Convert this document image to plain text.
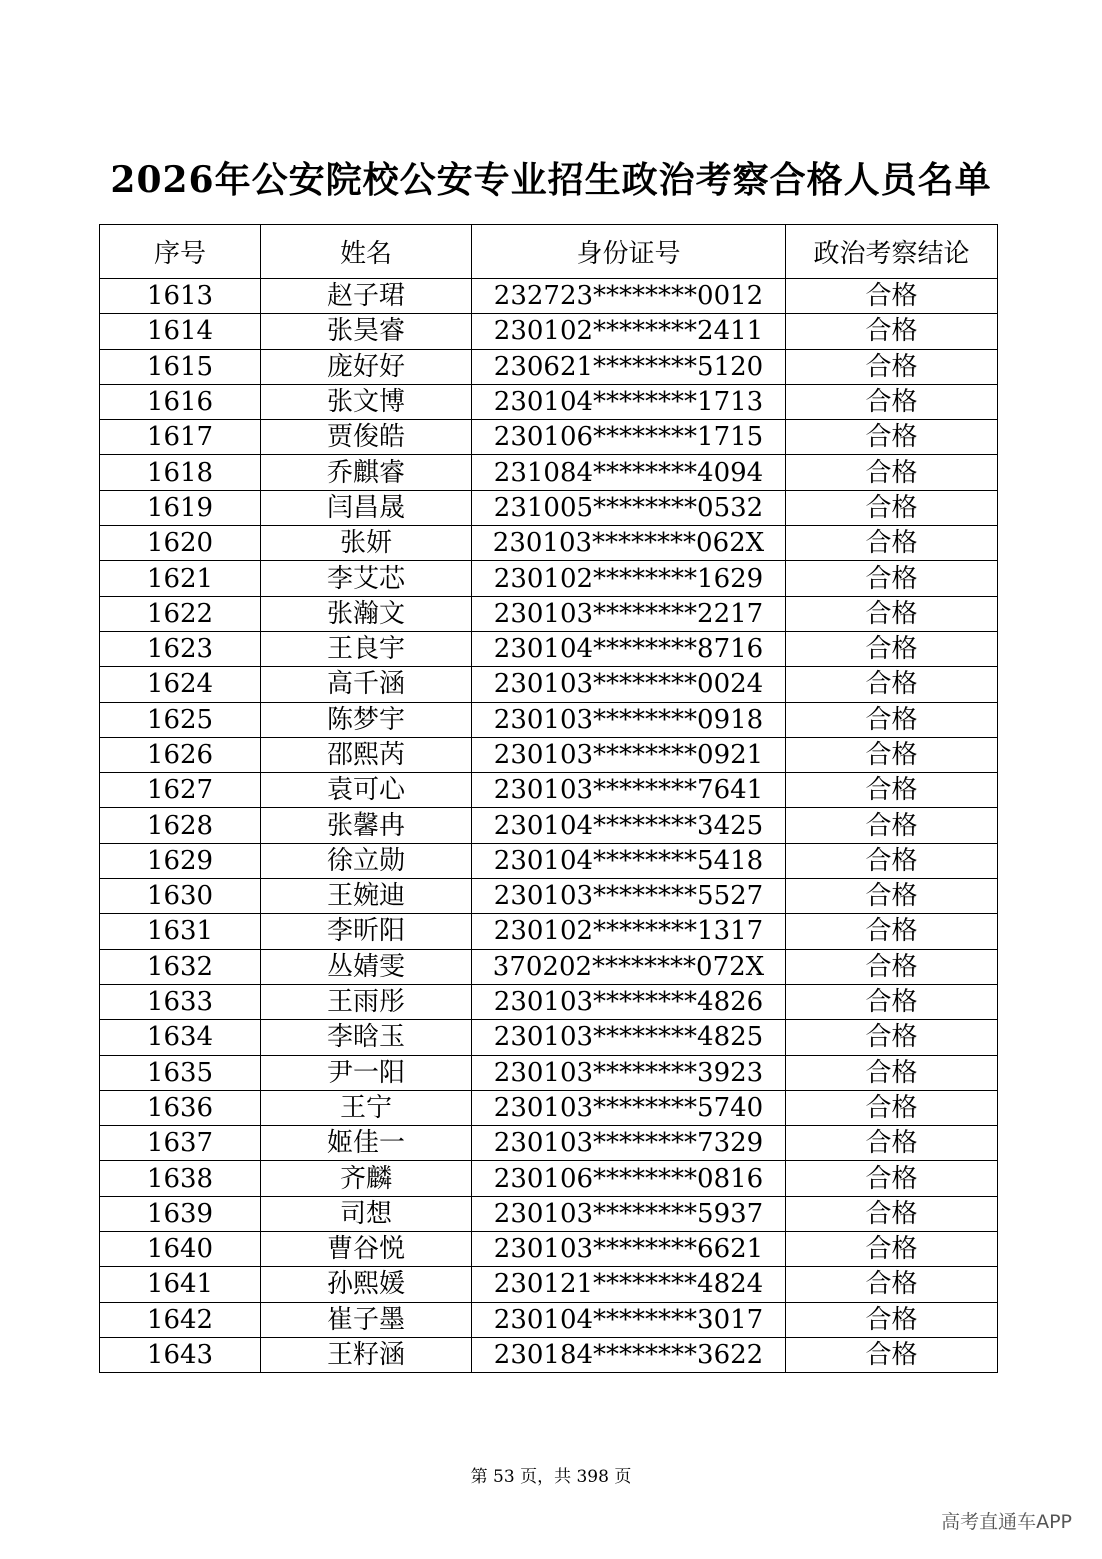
2026年公安院校公安专业招生政治考察合格人员名单
序号	姓名	身份证号	政治考察结论
1613	赵子珺	232723********0012	合格
1614	张昊睿	230102********2411	合格
1615	庞好好	230621********5120	合格
1616	张文博	230104********1713	合格
1617	贾俊皓	230106********1715	合格
1618	乔麒睿	231084********4094	合格
1619	闫昌晟	231005********0532	合格
1620	张妍	230103********062X	合格
1621	李艾芯	230102********1629	合格
1622	张瀚文	230103********2217	合格
1623	王良宇	230104********8716	合格
1624	高千涵	230103********0024	合格
1625	陈梦宇	230103********0918	合格
1626	邵熙芮	230103********0921	合格
1627	袁可心	230103********7641	合格
1628	张馨冉	230104********3425	合格
1629	徐立勋	230104********5418	合格
1630	王婉迪	230103********5527	合格
1631	李昕阳	230102********1317	合格
1632	丛婧雯	370202********072X	合格
1633	王雨彤	230103********4826	合格
1634	李晗玉	230103********4825	合格
1635	尹一阳	230103********3923	合格
1636	王宁	230103********5740	合格
1637	姬佳一	230103********7329	合格
1638	齐麟	230106********0816	合格
1639	司想	230103********5937	合格
1640	曹谷悦	230103********6621	合格
1641	孙熙媛	230121********4824	合格
1642	崔子墨	230104********3017	合格
1643	王籽涵	230184********3622	合格
第 53 页，共 398 页
高考直通车APP
